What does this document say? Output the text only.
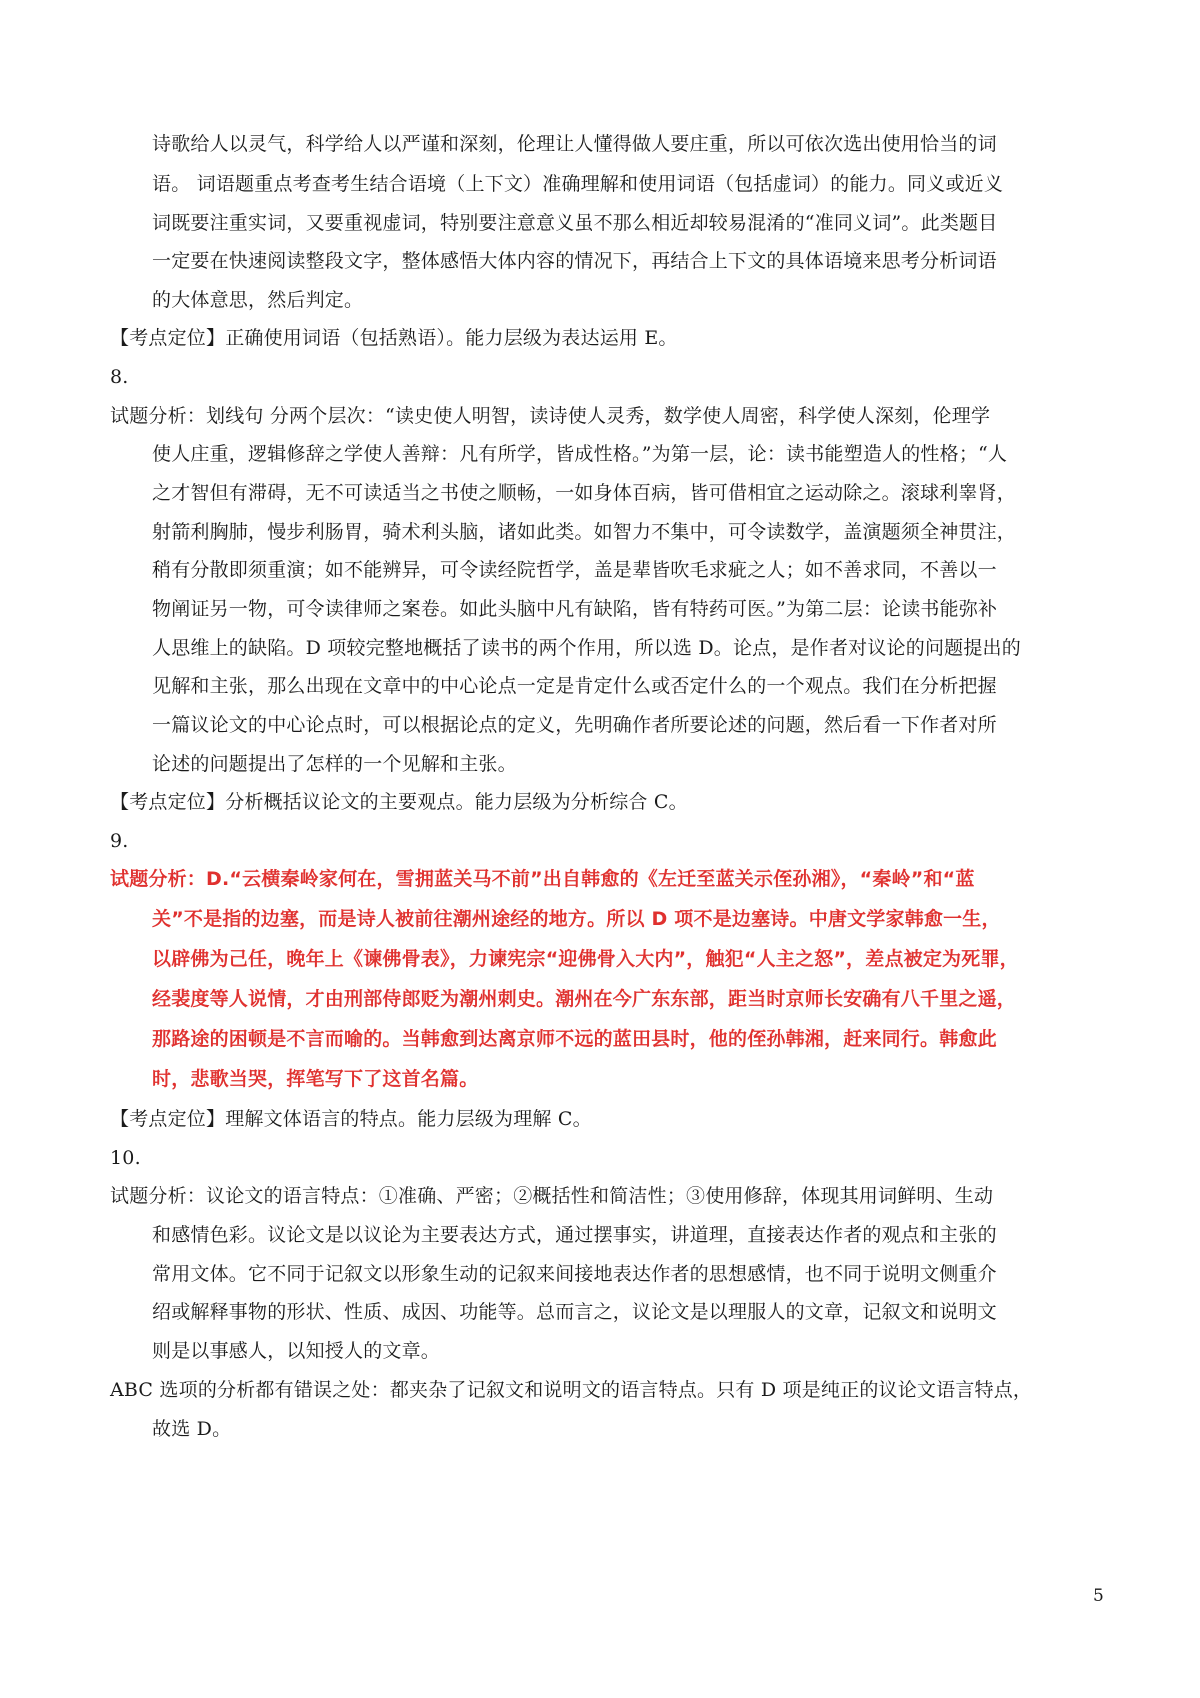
诗歌给人以灵气，科学给人以严谨和深刻，伦理让人懂得做人要庄重，所以可依次选出使用恰当的词
语。 词语题重点考查考生结合语境（上下文）准确理解和使用词语（包括虚词）的能力。同义或近义
词既要注重实词，又要重视虚词，特别要注意意义虽不那么相近却较易混淆的“准同义词”。此类题目
一定要在快速阅读整段文字，整体感悟大体内容的情况下，再结合上下文的具体语境来思考分析词语
的大体意思，然后判定。
【考点定位】正确使用词语（包括熟语）。能力层级为表达运用 E。
8.
试题分析：划线句 分两个层次：“读史使人明智，读诗使人灵秀，数学使人周密，科学使人深刻，伦理学
使人庄重，逻辑修辞之学使人善辩：凡有所学，皆成性格。”为第一层，论：读书能塑造人的性格；“人
之才智但有滞碍，无不可读适当之书使之顺畅，一如身体百病，皆可借相宜之运动除之。滚球利睾肾，
射箭利胸肺，慢步利肠胃，骑术利头脑，诸如此类。如智力不集中，可令读数学，盖演题须全神贯注，
稍有分散即须重演；如不能辨异，可令读经院哲学，盖是辈皆吹毛求疵之人；如不善求同，不善以一
物阐证另一物，可令读律师之案卷。如此头脑中凡有缺陷，皆有特药可医。”为第二层：论读书能弥补
人思维上的缺陷。D 项较完整地概括了读书的两个作用，所以选 D。论点，是作者对议论的问题提出的
见解和主张，那么出现在文章中的中心论点一定是肯定什么或否定什么的一个观点。我们在分析把握
一篇议论文的中心论点时，可以根据论点的定义，先明确作者所要论述的问题，然后看一下作者对所
论述的问题提出了怎样的一个见解和主张。
【考点定位】分析概括议论文的主要观点。能力层级为分析综合 C。
9.
试题分析：D.“云横秦岭家何在，雪拥蓝关马不前”出自韩愈的《左迁至蓝关示侄孙湘》，“秦岭”和“蓝
关”不是指的边塞，而是诗人被前往潮州途经的地方。所以 D 项不是边塞诗。中唐文学家韩愈一生，
以辟佛为己任，晚年上《谏佛骨表》，力谏宪宗“迎佛骨入大内”，触犯“人主之怒”，差点被定为死罪，
经裴度等人说情，才由刑部侍郎贬为潮州刺史。潮州在今广东东部，距当时京师长安确有八千里之遥，
那路途的困顿是不言而喻的。当韩愈到达离京师不远的蓝田县时，他的侄孙韩湘，赶来同行。韩愈此
时，悲歌当哭，挥笔写下了这首名篇。
【考点定位】理解文体语言的特点。能力层级为理解 C。
10.
试题分析：议论文的语言特点：①准确、严密；②概括性和简洁性；③使用修辞，体现其用词鲜明、生动
和感情色彩。议论文是以议论为主要表达方式，通过摆事实，讲道理，直接表达作者的观点和主张的
常用文体。它不同于记叙文以形象生动的记叙来间接地表达作者的思想感情，也不同于说明文侧重介
绍或解释事物的形状、性质、成因、功能等。总而言之，议论文是以理服人的文章，记叙文和说明文
则是以事感人，以知授人的文章。
ABC 选项的分析都有错误之处：都夹杂了记叙文和说明文的语言特点。只有 D 项是纯正的议论文语言特点，
故选 D。
5
